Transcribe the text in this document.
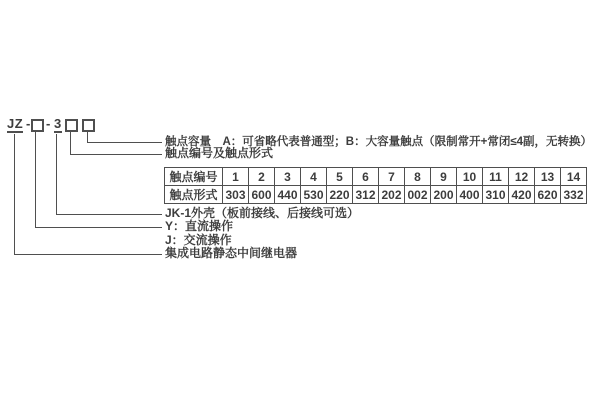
JZ - - 3
触点容量　A：可省略代表普通型；B：大容量触点（限制常开+常闭≤4副，无转换）
触点编号及触点形式
JK-1外壳（板前接线、后接线可选）
Y：直流操作
J：交流操作
集成电路静态中间继电器
触点编号	1	2	3	4	5	6	7	8	9	10	11	12	13	14
触点形式	303	600	440	530	220	312	202	002	200	400	310	420	620	332
